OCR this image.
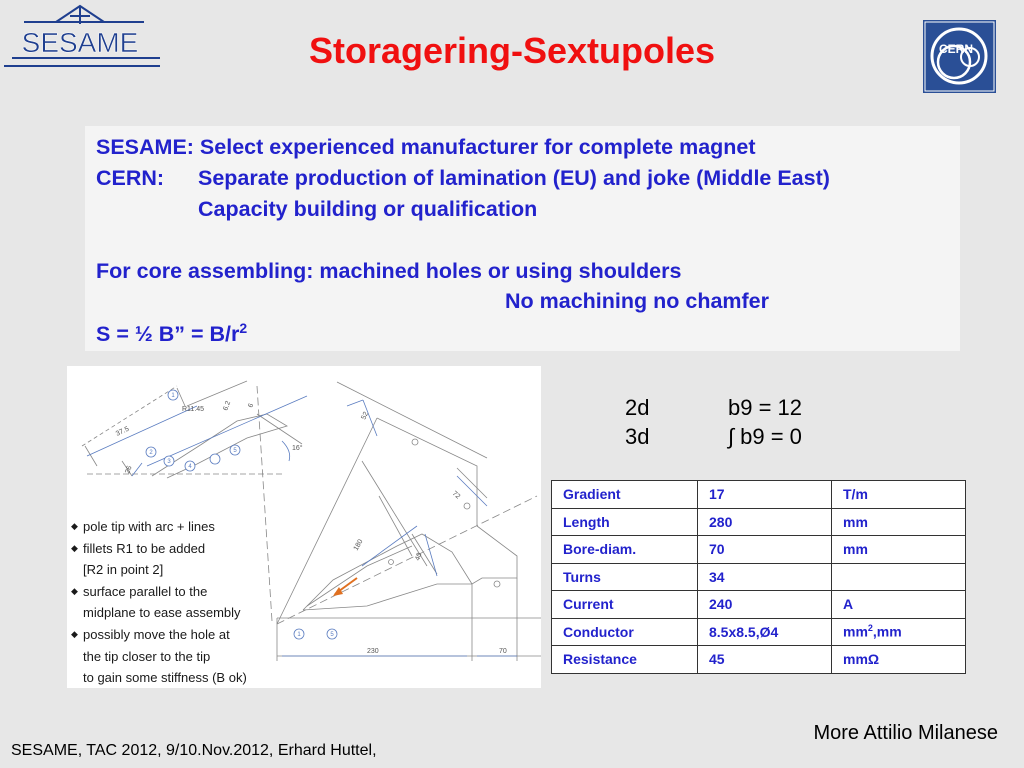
SESAME	Storagering-Sextupoles	CERN
SESAME: Select experienced manufacturer for complete magnet
CERN: Separate production of lamination (EU) and joke (Middle East)
Capacity building or qualification
For core assembling: machined holes or using shoulders
No machining no chamfer
S = ½ B” = $B/r^2$
1
2
3
4
5
1	5
37.5
R11.45	6.2 6
16°
26
52
72
180
40
230	70
◆ pole tip with arc + lines
◆ fillets R1 to be added
[R2 in point 2]
◆ surface parallel to the
midplane to ease assembly
◆ possibly move the hole at
the tip closer to the tip
to gain some stiffness (B ok)
2d	b9 = 12
3d	∫ b9 = 0
Gradient	17	T/m
Length	280	mm
Bore-diam.	70	mm
Turns	34	
Current	240	A
Conductor	8.5x8.5,Ø4	$mm^2,mm$
Resistance	45	mmΩ
More Attilio Milanese
SESAME, TAC 2012, 9/10.Nov.2012, Erhard Huttel,
